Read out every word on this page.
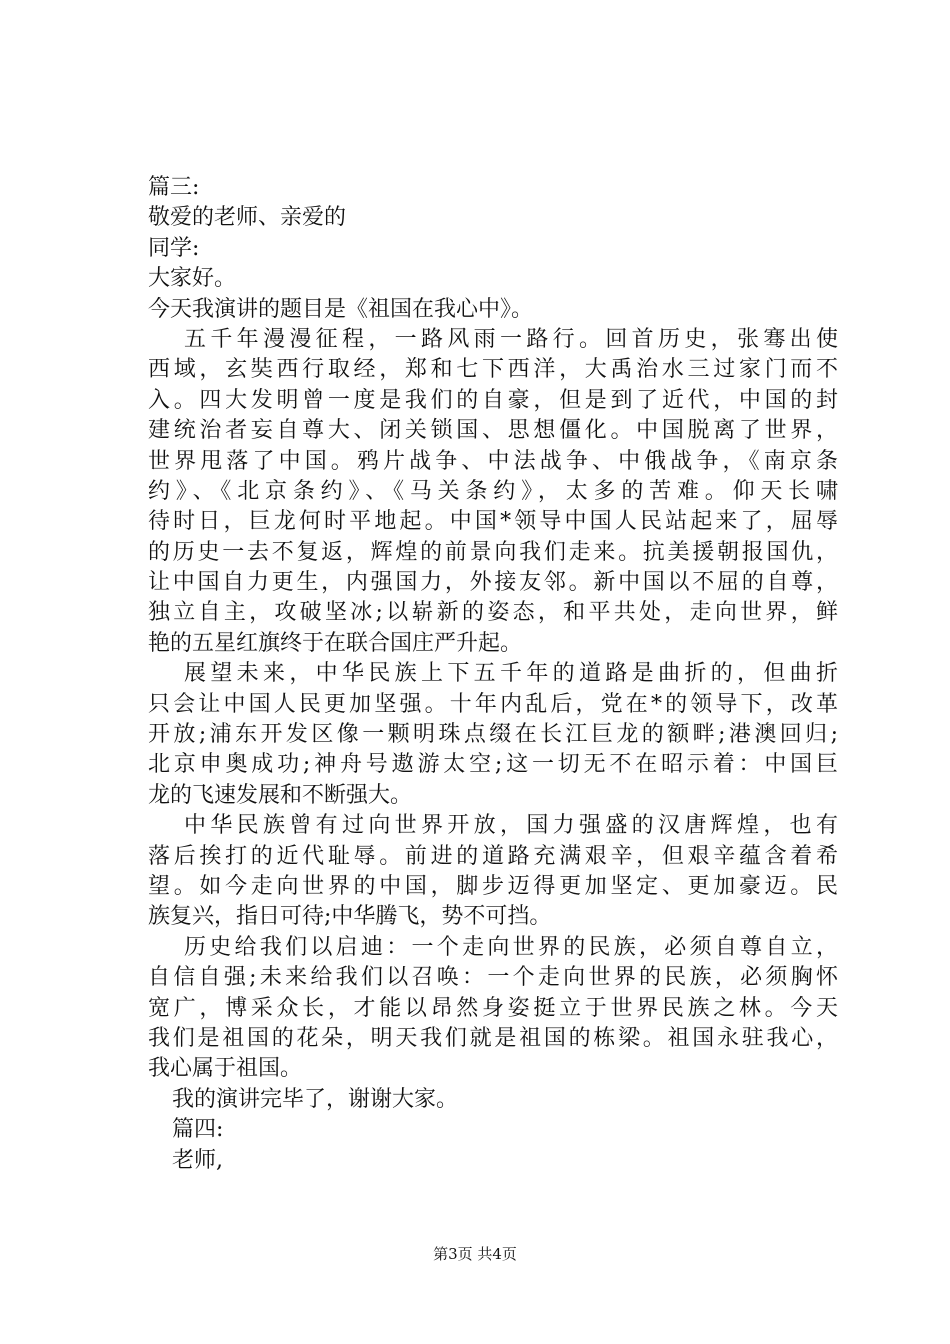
篇三:
敬爱的老师、亲爱的
同学:
大家好。
今天我演讲的题目是《祖国在我心中》。
五千年漫漫征程，一路风雨一路行。回首历史，张骞出使
西域，玄奘西行取经，郑和七下西洋，大禹治水三过家门而不
入。四大发明曾一度是我们的自豪，但是到了近代，中国的封
建统治者妄自尊大、闭关锁国、思想僵化。中国脱离了世界，
世界甩落了中国。鸦片战争、中法战争、中俄战争，《南京条
约》、《北京条约》、《马关条约》，太多的苦难。仰天长啸
待时日，巨龙何时平地起。中国*领导中国人民站起来了，屈辱
的历史一去不复返，辉煌的前景向我们走来。抗美援朝报国仇，
让中国自力更生，内强国力，外接友邻。新中国以不屈的自尊，
独立自主，攻破坚冰;以崭新的姿态，和平共处，走向世界，鲜
艳的五星红旗终于在联合国庄严升起。
展望未来，中华民族上下五千年的道路是曲折的，但曲折
只会让中国人民更加坚强。十年内乱后，党在*的领导下，改革
开放;浦东开发区像一颗明珠点缀在长江巨龙的额畔;港澳回归;
北京申奥成功;神舟号遨游太空;这一切无不在昭示着：中国巨
龙的飞速发展和不断强大。
中华民族曾有过向世界开放，国力强盛的汉唐辉煌，也有
落后挨打的近代耻辱。前进的道路充满艰辛，但艰辛蕴含着希
望。如今走向世界的中国，脚步迈得更加坚定、更加豪迈。民
族复兴，指日可待;中华腾飞，势不可挡。
历史给我们以启迪：一个走向世界的民族，必须自尊自立，
自信自强;未来给我们以召唤：一个走向世界的民族，必须胸怀
宽广，博采众长，才能以昂然身姿挺立于世界民族之林。今天
我们是祖国的花朵，明天我们就是祖国的栋梁。祖国永驻我心，
我心属于祖国。
我的演讲完毕了，谢谢大家。
篇四:
老师,
第3页 共4页
